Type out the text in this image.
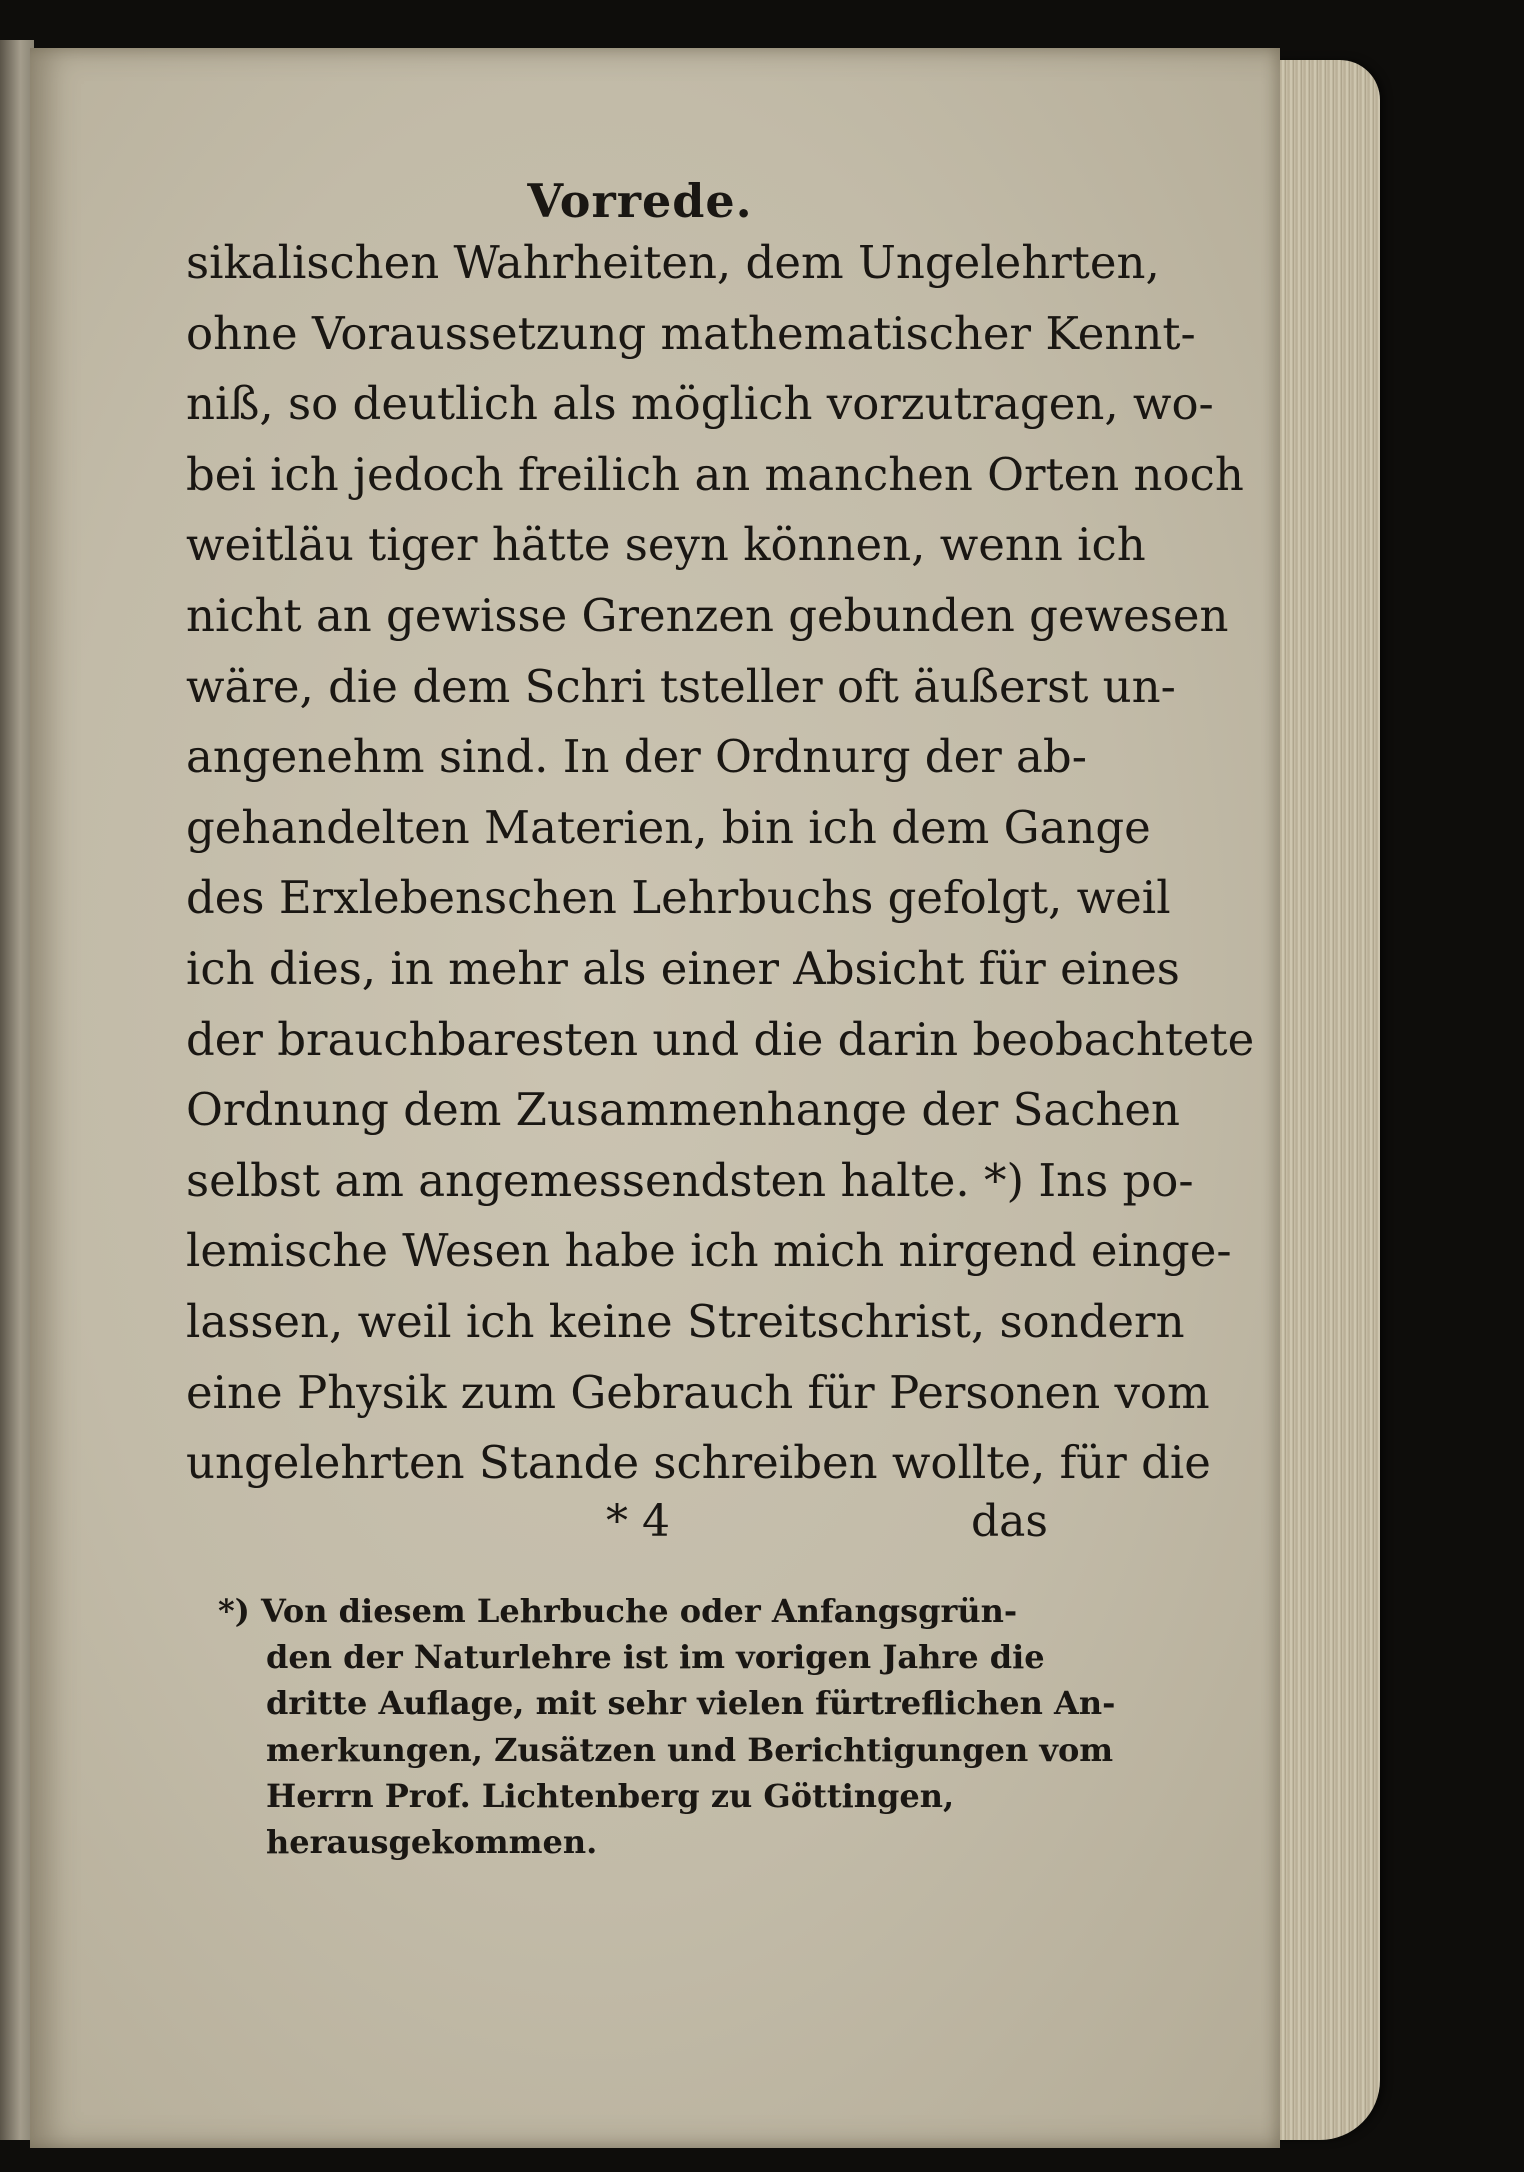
Vorrede.
sikalischen Wahrheiten, dem Ungelehrten,
ohne Voraussetzung mathematischer Kennt-
niß, so deutlich als möglich vorzutragen, wo-
bei ich jedoch freilich an manchen Orten noch
weitläu tiger hätte seyn können, wenn ich
nicht an gewisse Grenzen gebunden gewesen
wäre, die dem Schri tsteller oft äußerst un-
angenehm sind. In der Ordnurg der ab-
gehandelten Materien, bin ich dem Gange
des Erxlebenschen Lehrbuchs gefolgt, weil
ich dies, in mehr als einer Absicht für eines
der brauchbaresten und die darin beobachtete
Ordnung dem Zusammenhange der Sachen
selbst am angemessendsten halte. *) Ins po-
lemische Wesen habe ich mich nirgend einge-
lassen, weil ich keine Streitschrist, sondern
eine Physik zum Gebrauch für Personen vom
ungelehrten Stande schreiben wollte, für die
* 4	das
*) Von diesem Lehrbuche oder Anfangsgrün-
den der Naturlehre ist im vorigen Jahre die
dritte Auflage, mit sehr vielen fürtreflichen An-
merkungen, Zusätzen und Berichtigungen vom
Herrn Prof. Lichtenberg zu Göttingen,
herausgekommen.
